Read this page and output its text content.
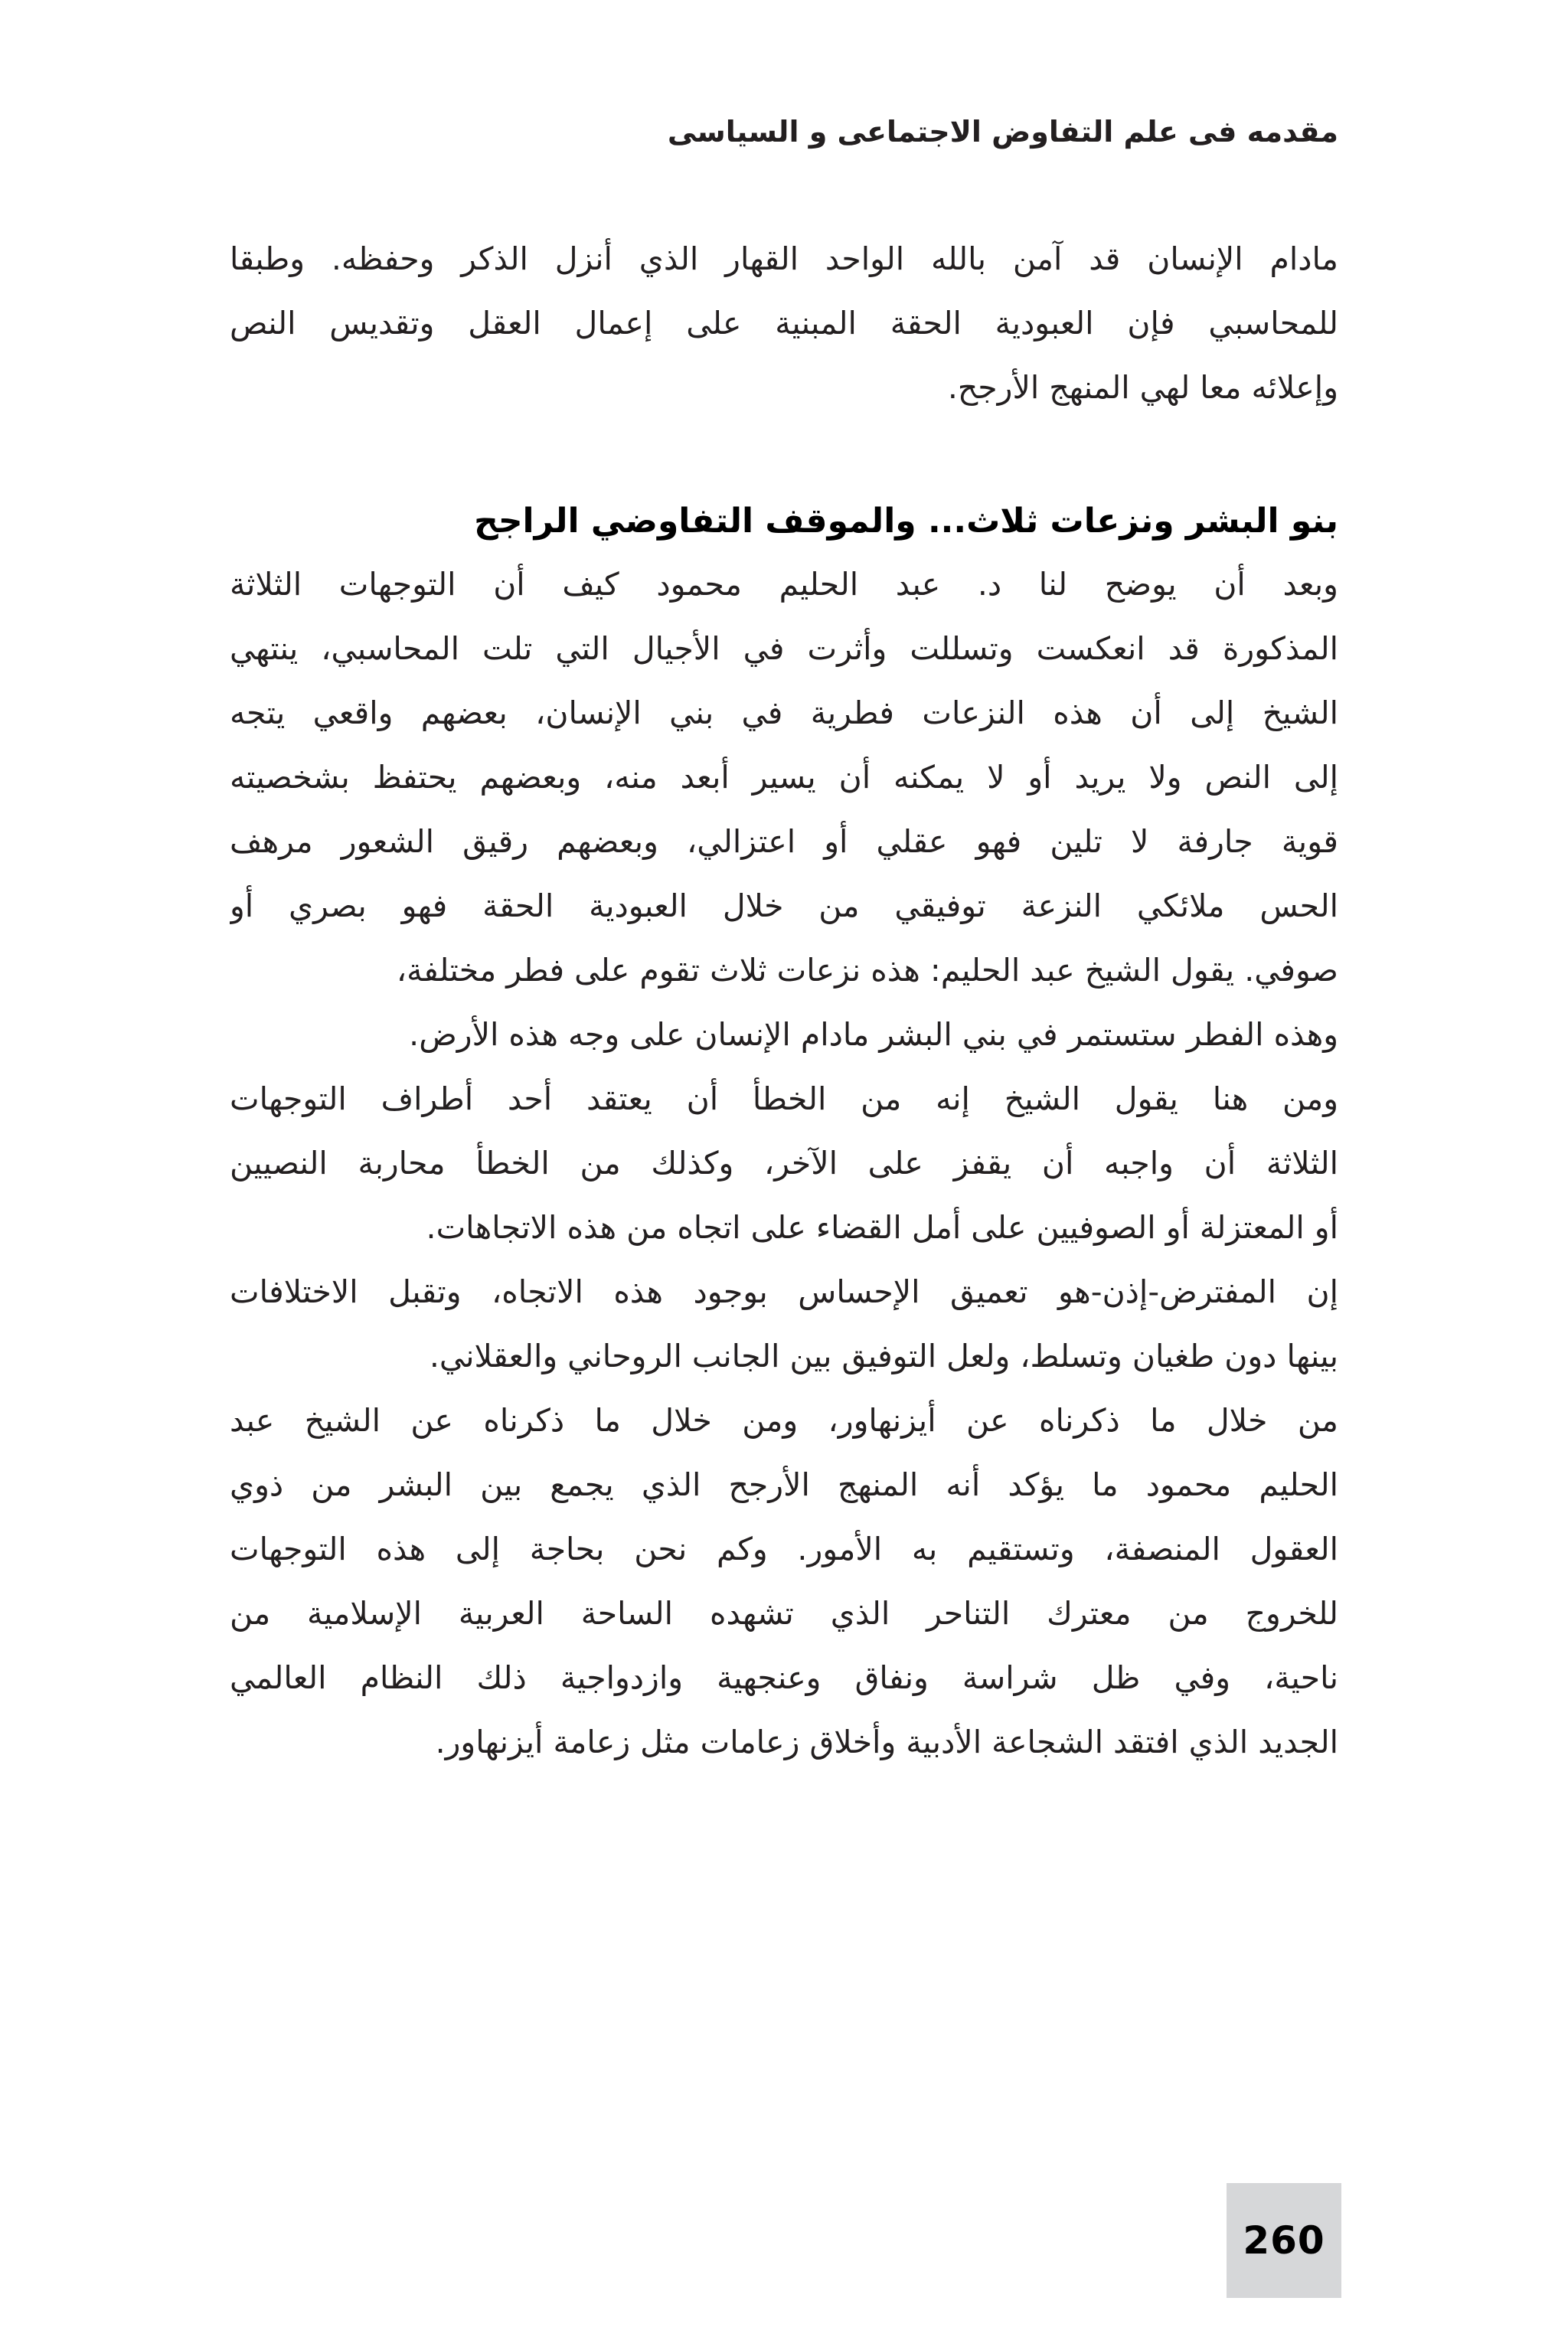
مقدمه فى علم التفاوض الاجتماعى و السياسى
مادام الإنسان قد آمن بالله الواحد القهار الذي أنزل الذكر وحفظه. وطبقا
للمحاسبي فإن العبودية الحقة المبنية على إعمال العقل وتقديس النص
وإعلائه معا لهي المنهج الأرجح.
بنو البشر ونزعات ثلاث... والموقف التفاوضي الراجح
وبعد أن يوضح لنا د. عبد الحليم محمود كيف أن التوجهات الثلاثة
المذكورة قد انعكست وتسللت وأثرت في الأجيال التي تلت المحاسبي، ينتهي
الشيخ إلى أن هذه النزعات فطرية في بني الإنسان، بعضهم واقعي يتجه
إلى النص ولا يريد أو لا يمكنه أن يسير أبعد منه، وبعضهم يحتفظ بشخصيته
قوية جارفة لا تلين فهو عقلي أو اعتزالي، وبعضهم رقيق الشعور مرهف
الحس ملائكي النزعة توفيقي من خلال العبودية الحقة فهو بصري أو
صوفي. يقول الشيخ عبد الحليم: هذه نزعات ثلاث تقوم على فطر مختلفة،
وهذه الفطر ستستمر في بني البشر مادام الإنسان على وجه هذه الأرض.
ومن هنا يقول الشيخ إنه من الخطأ أن يعتقد أحد أطراف التوجهات
الثلاثة أن واجبه أن يقفز على الآخر، وكذلك من الخطأ محاربة النصيين
أو المعتزلة أو الصوفيين على أمل القضاء على اتجاه من هذه الاتجاهات.
إن المفترض-إذن-هو تعميق الإحساس بوجود هذه الاتجاه، وتقبل الاختلافات
بينها دون طغيان وتسلط، ولعل التوفيق بين الجانب الروحاني والعقلاني.
من خلال ما ذكرناه عن أيزنهاور، ومن خلال ما ذكرناه عن الشيخ عبد
الحليم محمود ما يؤكد أنه المنهج الأرجح الذي يجمع بين البشر من ذوي
العقول المنصفة، وتستقيم به الأمور. وكم نحن بحاجة إلى هذه التوجهات
للخروج من معترك التناحر الذي تشهده الساحة العربية الإسلامية من
ناحية، وفي ظل شراسة ونفاق وعنجهية وازدواجية ذلك النظام العالمي
الجديد الذي افتقد الشجاعة الأدبية وأخلاق زعامات مثل زعامة أيزنهاور.
260
